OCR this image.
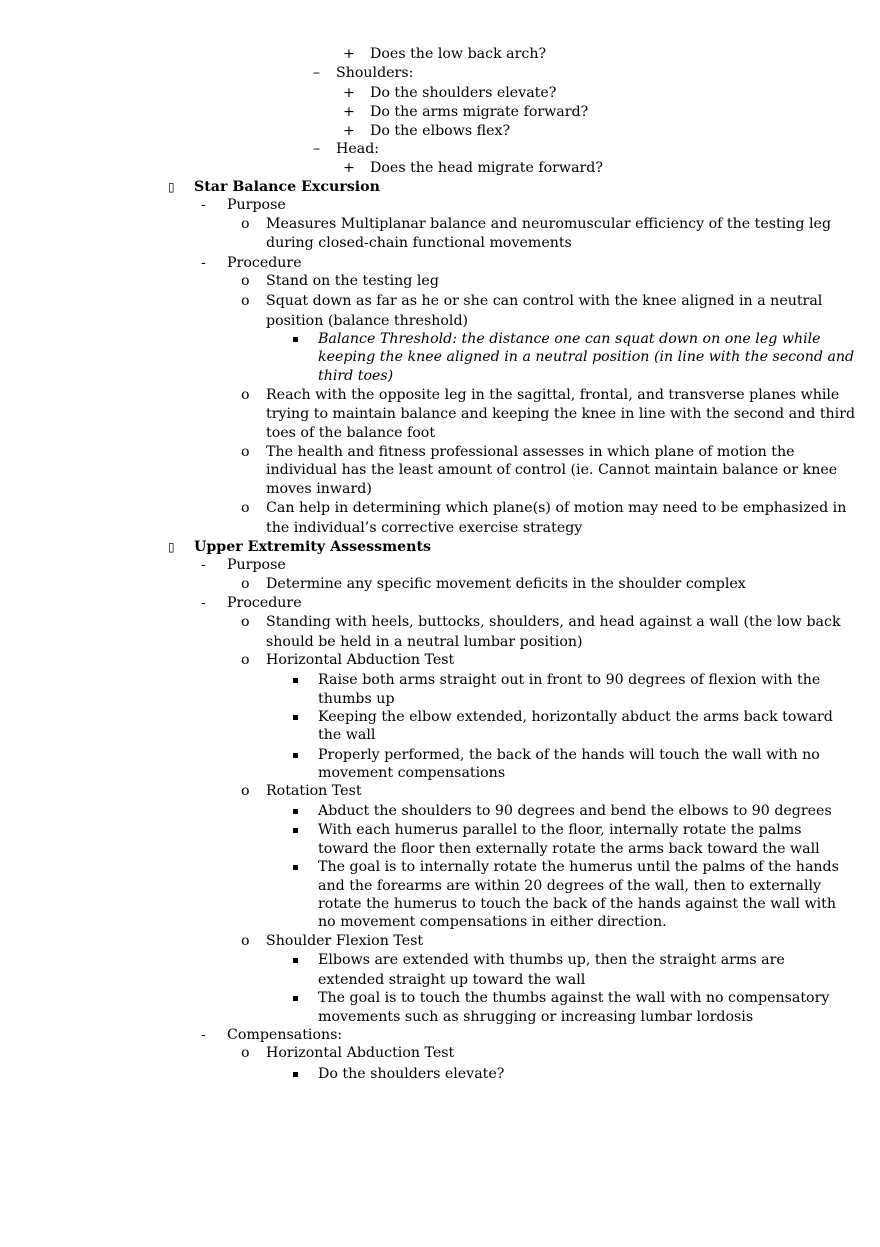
+ Does the low back arch?
– Shoulders:
+ Do the shoulders elevate?
+ Do the arms migrate forward?
+ Do the elbows flex?
– Head:
+ Does the head migrate forward?
▯ Star Balance Excursion
- Purpose
o Measures Multiplanar balance and neuromuscular efficiency of the testing leg
during closed-chain functional movements
- Procedure
o Stand on the testing leg
o Squat down as far as he or she can control with the knee aligned in a neutral
position (balance threshold)
Balance Threshold: the distance one can squat down on one leg while
keeping the knee aligned in a neutral position (in line with the second and
third toes)
o Reach with the opposite leg in the sagittal, frontal, and transverse planes while
trying to maintain balance and keeping the knee in line with the second and third
toes of the balance foot
o The health and fitness professional assesses in which plane of motion the
individual has the least amount of control (ie. Cannot maintain balance or knee
moves inward)
o Can help in determining which plane(s) of motion may need to be emphasized in
the individual’s corrective exercise strategy
▯ Upper Extremity Assessments
- Purpose
o Determine any specific movement deficits in the shoulder complex
- Procedure
o Standing with heels, buttocks, shoulders, and head against a wall (the low back
should be held in a neutral lumbar position)
o Horizontal Abduction Test
Raise both arms straight out in front to 90 degrees of flexion with the
thumbs up
Keeping the elbow extended, horizontally abduct the arms back toward
the wall
Properly performed, the back of the hands will touch the wall with no
movement compensations
o Rotation Test
Abduct the shoulders to 90 degrees and bend the elbows to 90 degrees
With each humerus parallel to the floor, internally rotate the palms
toward the floor then externally rotate the arms back toward the wall
The goal is to internally rotate the humerus until the palms of the hands
and the forearms are within 20 degrees of the wall, then to externally
rotate the humerus to touch the back of the hands against the wall with
no movement compensations in either direction.
o Shoulder Flexion Test
Elbows are extended with thumbs up, then the straight arms are
extended straight up toward the wall
The goal is to touch the thumbs against the wall with no compensatory
movements such as shrugging or increasing lumbar lordosis
- Compensations:
o Horizontal Abduction Test
Do the shoulders elevate?
